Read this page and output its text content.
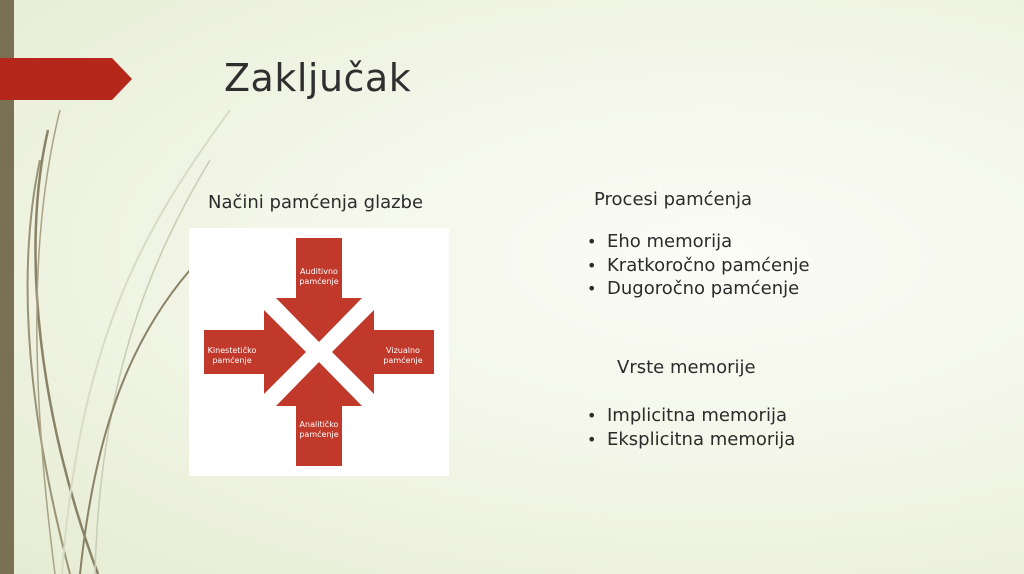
Zaključak
Načini pamćenja glazbe
Auditivno pamćenje
Kinestetičko pamćenje
Vizualno pamćenje
Analitičko pamćenje
Procesi pamćenja
• Eho memorija
• Kratkoročno pamćenje
• Dugoročno pamćenje
Vrste memorije
• Implicitna memorija
• Eksplicitna memorija
